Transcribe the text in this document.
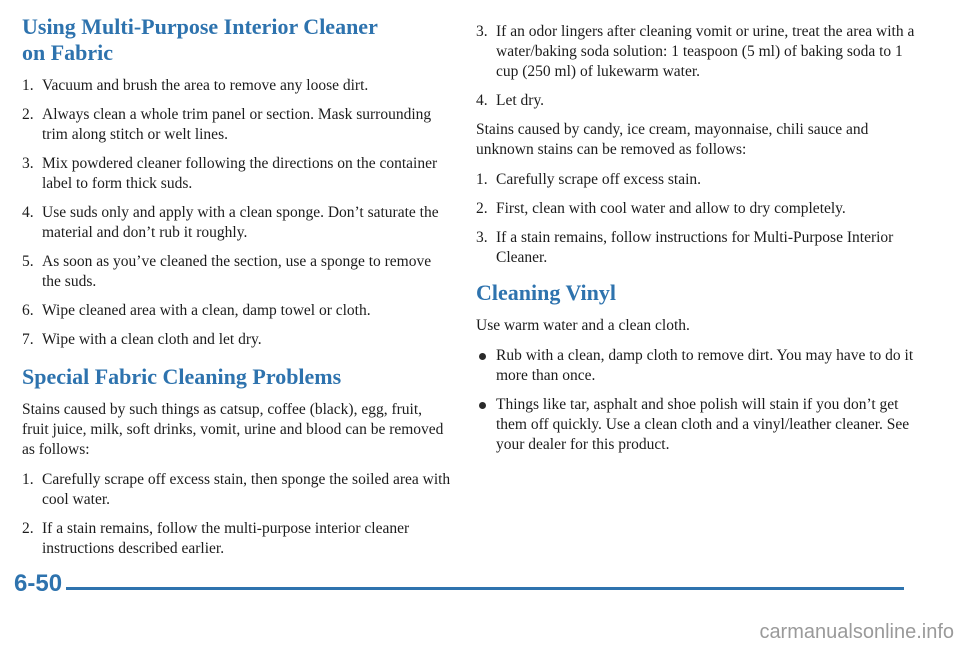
Using Multi-Purpose Interior Cleaner
on Fabric
1. Vacuum and brush the area to remove any loose dirt.
2. Always clean a whole trim panel or section. Mask surrounding trim along stitch or welt lines.
3. Mix powdered cleaner following the directions on the container label to form thick suds.
4. Use suds only and apply with a clean sponge. Don’t saturate the material and don’t rub it roughly.
5. As soon as you’ve cleaned the section, use a sponge to remove the suds.
6. Wipe cleaned area with a clean, damp towel or cloth.
7. Wipe with a clean cloth and let dry.
Special Fabric Cleaning Problems

Stains caused by such things as catsup, coffee (black), egg, fruit, fruit juice, milk, soft drinks, vomit, urine and blood can be removed as follows:

1. Carefully scrape off excess stain, then sponge the soiled area with cool water.
2. If a stain remains, follow the multi-purpose interior cleaner instructions described earlier.
3. If an odor lingers after cleaning vomit or urine, treat the area with a water/baking soda solution: 1 teaspoon (5 ml) of baking soda to 1 cup (250 ml) of lukewarm water.
4. Let dry.

Stains caused by candy, ice cream, mayonnaise, chili sauce and unknown stains can be removed as follows:

1. Carefully scrape off excess stain.
2. First, clean with cool water and allow to dry completely.
3. If a stain remains, follow instructions for Multi-Purpose Interior Cleaner.
Cleaning Vinyl

Use warm water and a clean cloth.

Rub with a clean, damp cloth to remove dirt. You may have to do it more than once.
Things like tar, asphalt and shoe polish will stain if you don’t get them off quickly. Use a clean cloth and a vinyl/leather cleaner. See your dealer for this product.
6-50
carmanualsonline.info
